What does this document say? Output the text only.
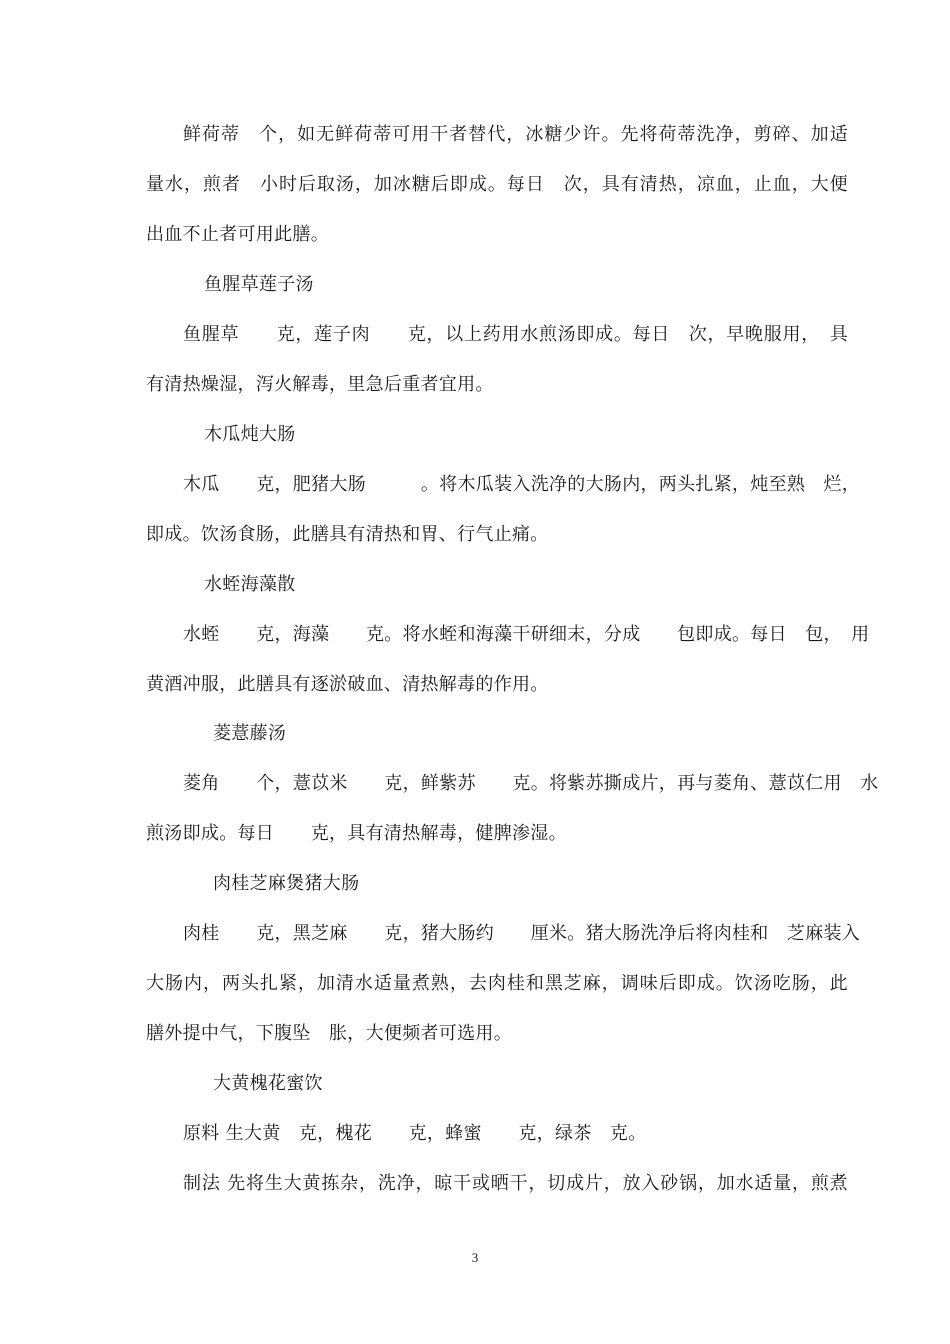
鲜荷蒂　个，如无鲜荷蒂可用干者替代，冰糖少许。先将荷蒂洗净，剪碎、加适
量水，煎者　小时后取汤，加冰糖后即成。每日　次，具有清热，凉血，止血，大便
出血不止者可用此膳。
鱼腥草莲子汤
鱼腥草　　克，莲子肉　　克，以上药用水煎汤即成。每日　次，早晚服用，　具
有清热燥湿，泻火解毒，里急后重者宜用。
木瓜炖大肠
木瓜　　克，肥猪大肠　　　。将木瓜装入洗净的大肠内，两头扎紧，炖至熟　烂，
即成。饮汤食肠，此膳具有清热和胃、行气止痛。
水蛭海藻散
水蛭　　克，海藻　　克。将水蛭和海藻干研细末，分成　　包即成。每日　包，　用
黄酒冲服，此膳具有逐淤破血、清热解毒的作用。
菱薏藤汤
菱角　　个，薏苡米　　克，鲜紫苏　　克。将紫苏撕成片，再与菱角、薏苡仁用　水
煎汤即成。每日　　克，具有清热解毒，健脾渗湿。
肉桂芝麻煲猪大肠
肉桂　　克，黑芝麻　　克，猪大肠约　　厘米。猪大肠洗净后将肉桂和　芝麻装入
大肠内，两头扎紧，加清水适量煮熟，去肉桂和黑芝麻，调味后即成。饮汤吃肠，此
膳外提中气，下腹坠　胀，大便频者可选用。
大黄槐花蜜饮
原料 生大黄　克，槐花　　克，蜂蜜　　克，绿茶　克。
制法 先将生大黄拣杂，洗净，晾干或晒干，切成片，放入砂锅，加水适量，煎煮
3
